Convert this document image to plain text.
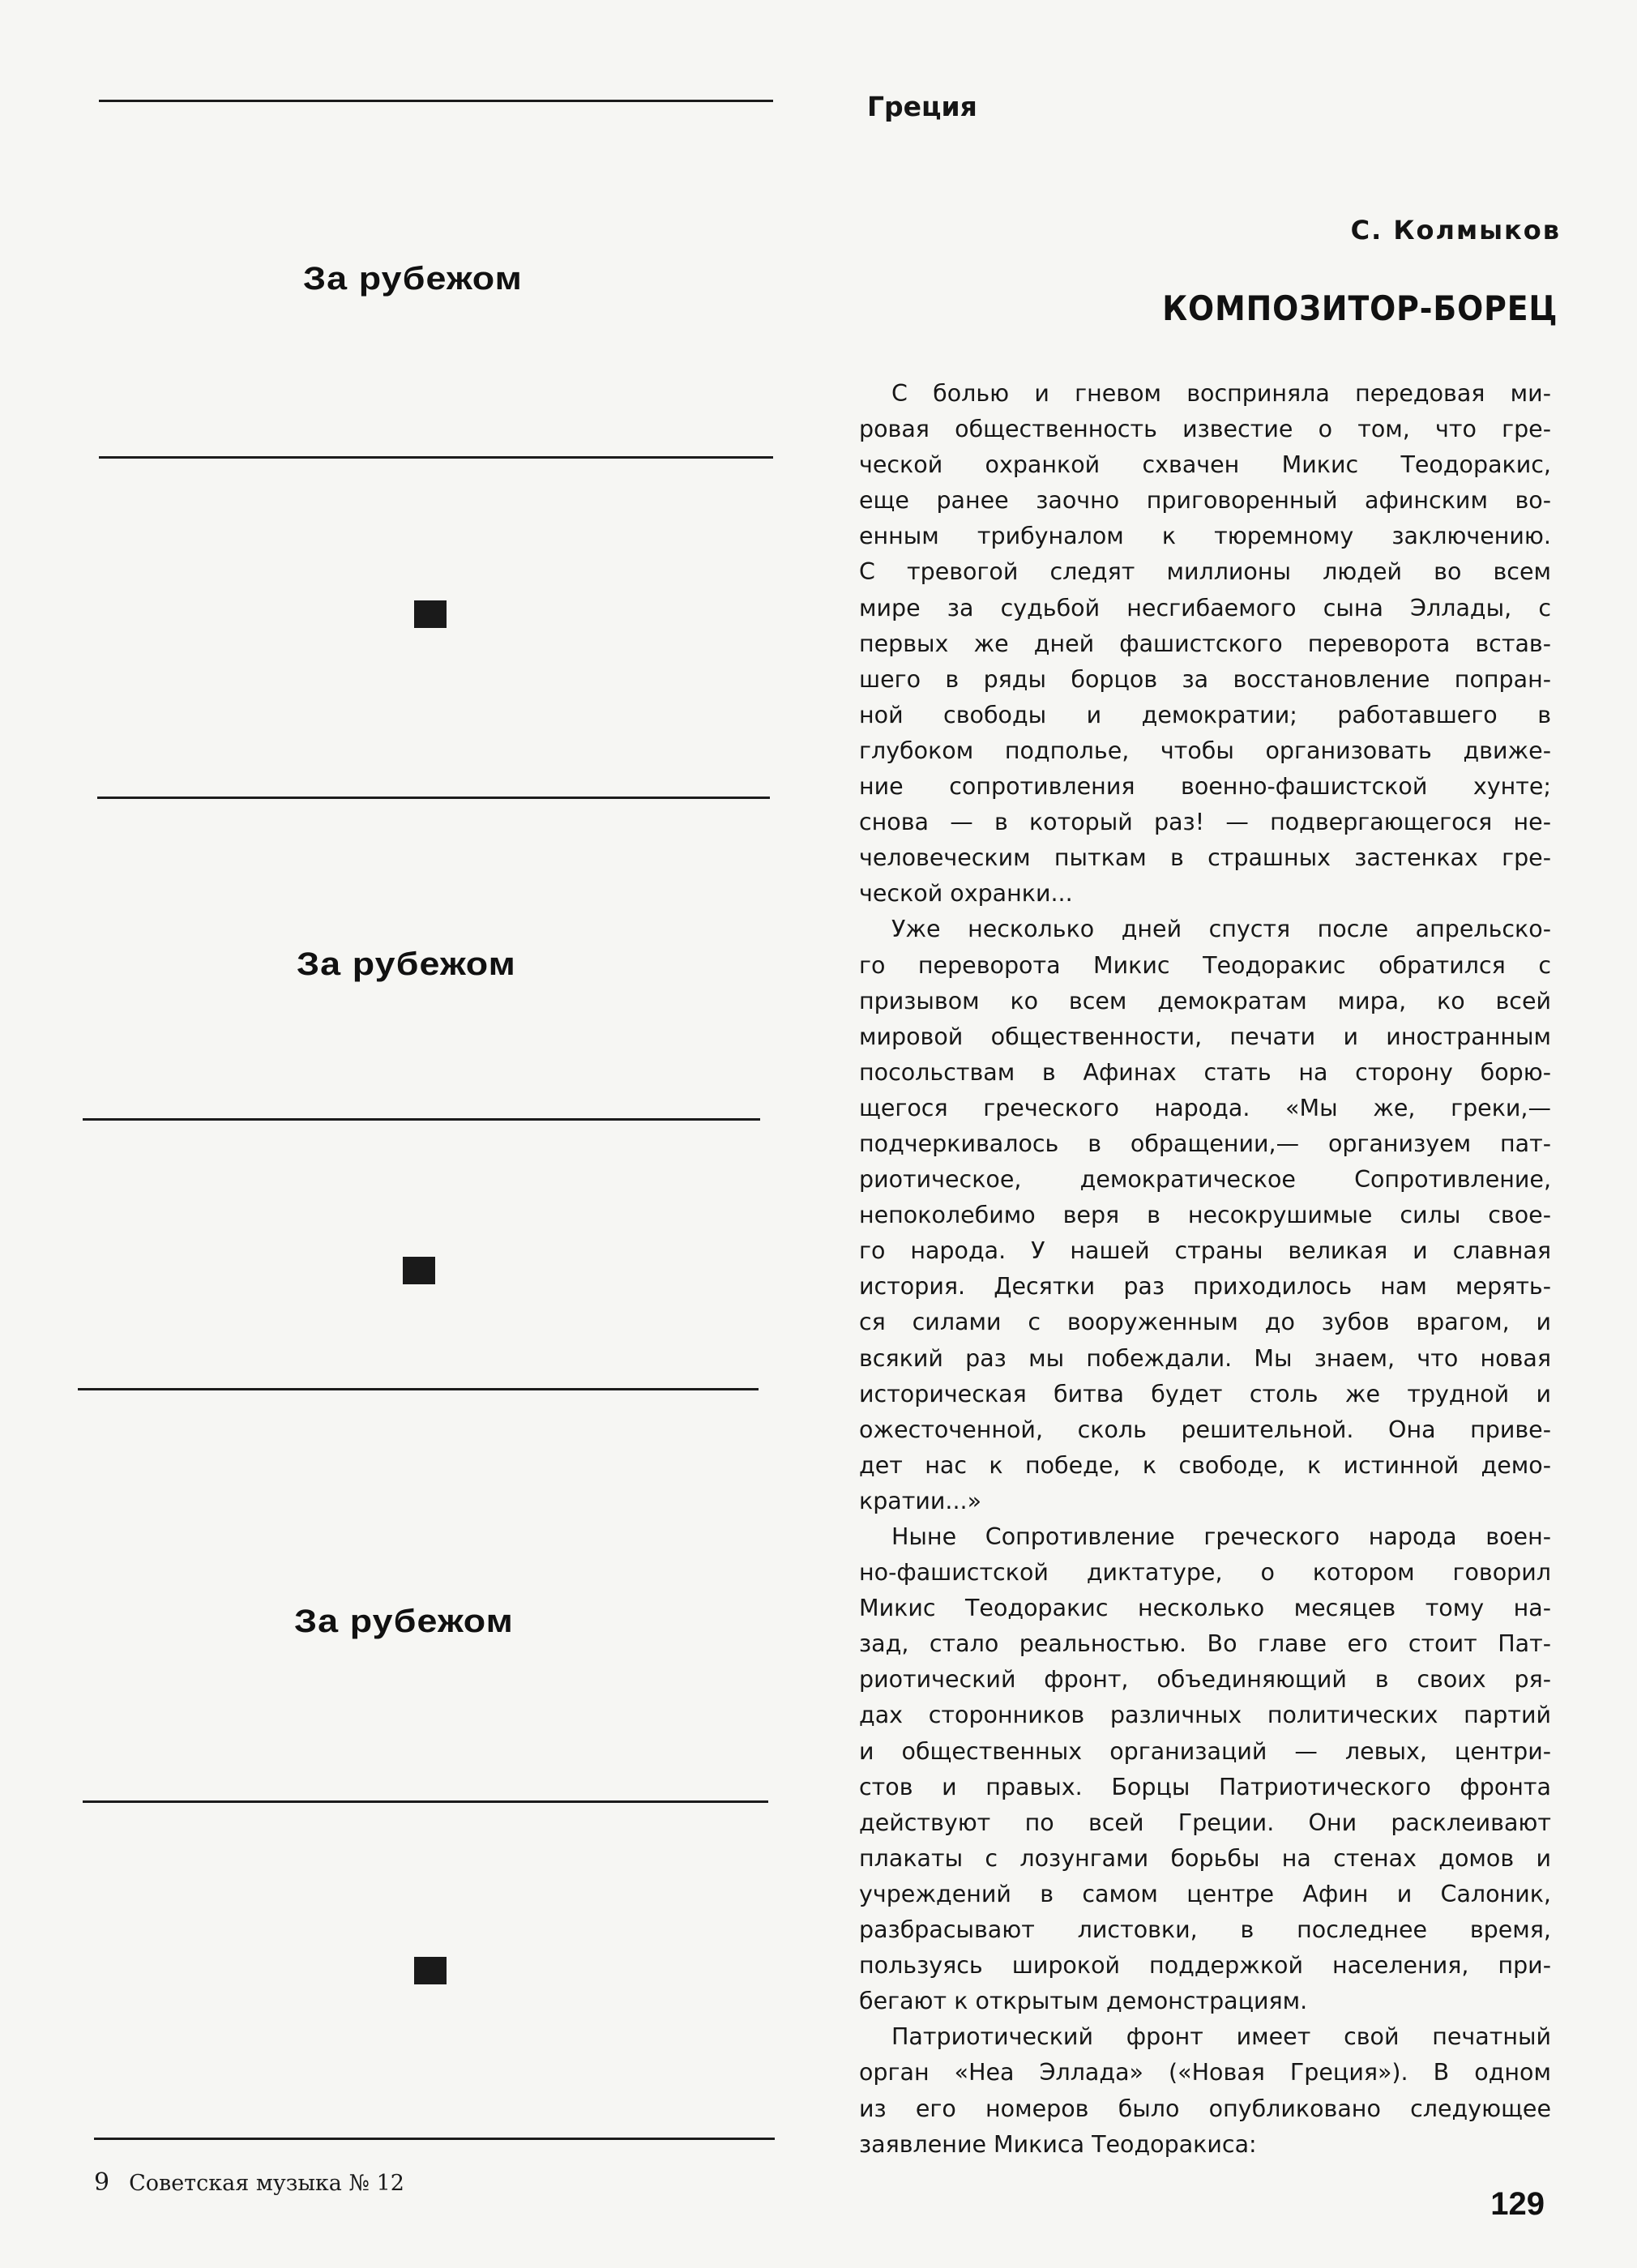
За рубежом
За рубежом
За рубежом
Греция
С. Колмыков
КОМПОЗИТОР-БОРЕЦ

С болью и гневом восприняла передовая ми-
ровая общественность известие о том, что гре-
ческой охранкой схвачен Микис Теодоракис,
еще ранее заочно приговоренный афинским во-
енным трибуналом к тюремному заключению.
С тревогой следят миллионы людей во всем
мире за судьбой несгибаемого сына Эллады, с
первых же дней фашистского переворота встав-
шего в ряды борцов за восстановление попран-
ной свободы и демократии; работавшего в
глубоком подполье, чтобы организовать движе-
ние сопротивления военно-фашистской хунте;
снова — в который раз! — подвергающегося не-
человеческим пыткам в страшных застенках гре-
ческой охранки...

Уже несколько дней спустя после апрельско-
го переворота Микис Теодоракис обратился с
призывом ко всем демократам мира, ко всей
мировой общественности, печати и иностранным
посольствам в Афинах стать на сторону борю-
щегося греческого народа. «Мы же, греки,—
подчеркивалось в обращении,— организуем пат-
риотическое, демократическое Сопротивление,
непоколебимо веря в несокрушимые силы свое-
го народа. У нашей страны великая и славная
история. Десятки раз приходилось нам мерять-
ся силами с вооруженным до зубов врагом, и
всякий раз мы побеждали. Мы знаем, что новая
историческая битва будет столь же трудной и
ожесточенной, сколь решительной. Она приве-
дет нас к победе, к свободе, к истинной демо-
кратии...»

Ныне Сопротивление греческого народа воен-
но-фашистской диктатуре, о котором говорил
Микис Теодоракис несколько месяцев тому на-
зад, стало реальностью. Во главе его стоит Пат-
риотический фронт, объединяющий в своих ря-
дах сторонников различных политических партий
и общественных организаций — левых, центри-
стов и правых. Борцы Патриотического фронта
действуют по всей Греции. Они расклеивают
плакаты с лозунгами борьбы на стенах домов и
учреждений в самом центре Афин и Салоник,
разбрасывают листовки, в последнее время,
пользуясь широкой поддержкой населения, при-
бегают к открытым демонстрациям.

Патриотический фронт имеет свой печатный
орган «Неа Эллада» («Новая Греция»). В одном
из его номеров было опубликовано следующее
заявление Микиса Теодоракиса:

9 Советская музыка № 12
129
